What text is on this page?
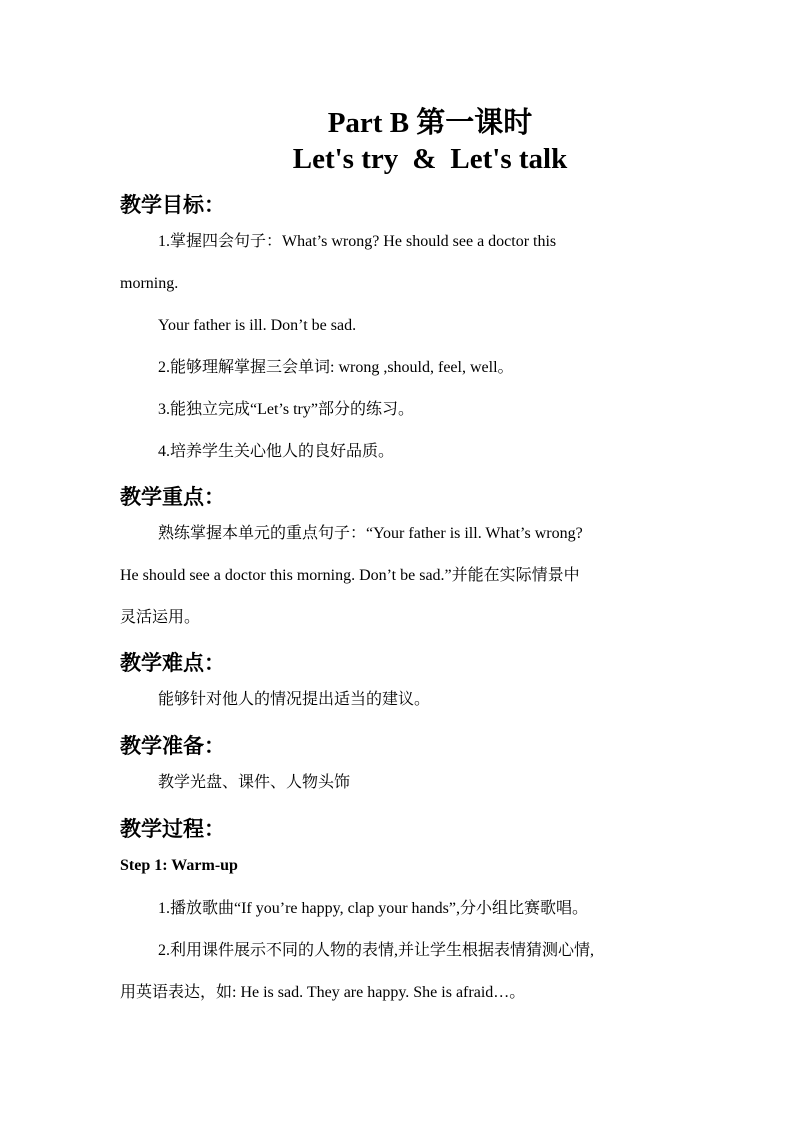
Part B 第一课时
Let's try & Let's talk
教学目标：
1.掌握四会句子：What’s wrong? He should see a doctor this
morning.
Your father is ill. Don’t be sad.
2.能够理解掌握三会单词: wrong ,should, feel, well。
3.能独立完成“Let’s try”部分的练习。
4.培养学生关心他人的良好品质。
教学重点：
熟练掌握本单元的重点句子：“Your father is ill. What’s wrong?
He should see a doctor this morning. Don’t be sad.”并能在实际情景中
灵活运用。
教学难点：
能够针对他人的情况提出适当的建议。
教学准备：
教学光盘、课件、人物头饰
教学过程：
Step 1: Warm-up
1.播放歌曲“If you’re happy, clap your hands”,分小组比赛歌唱。
2.利用课件展示不同的人物的表情,并让学生根据表情猜测心情,
用英语表达，如: He is sad. They are happy. She is afraid…。
